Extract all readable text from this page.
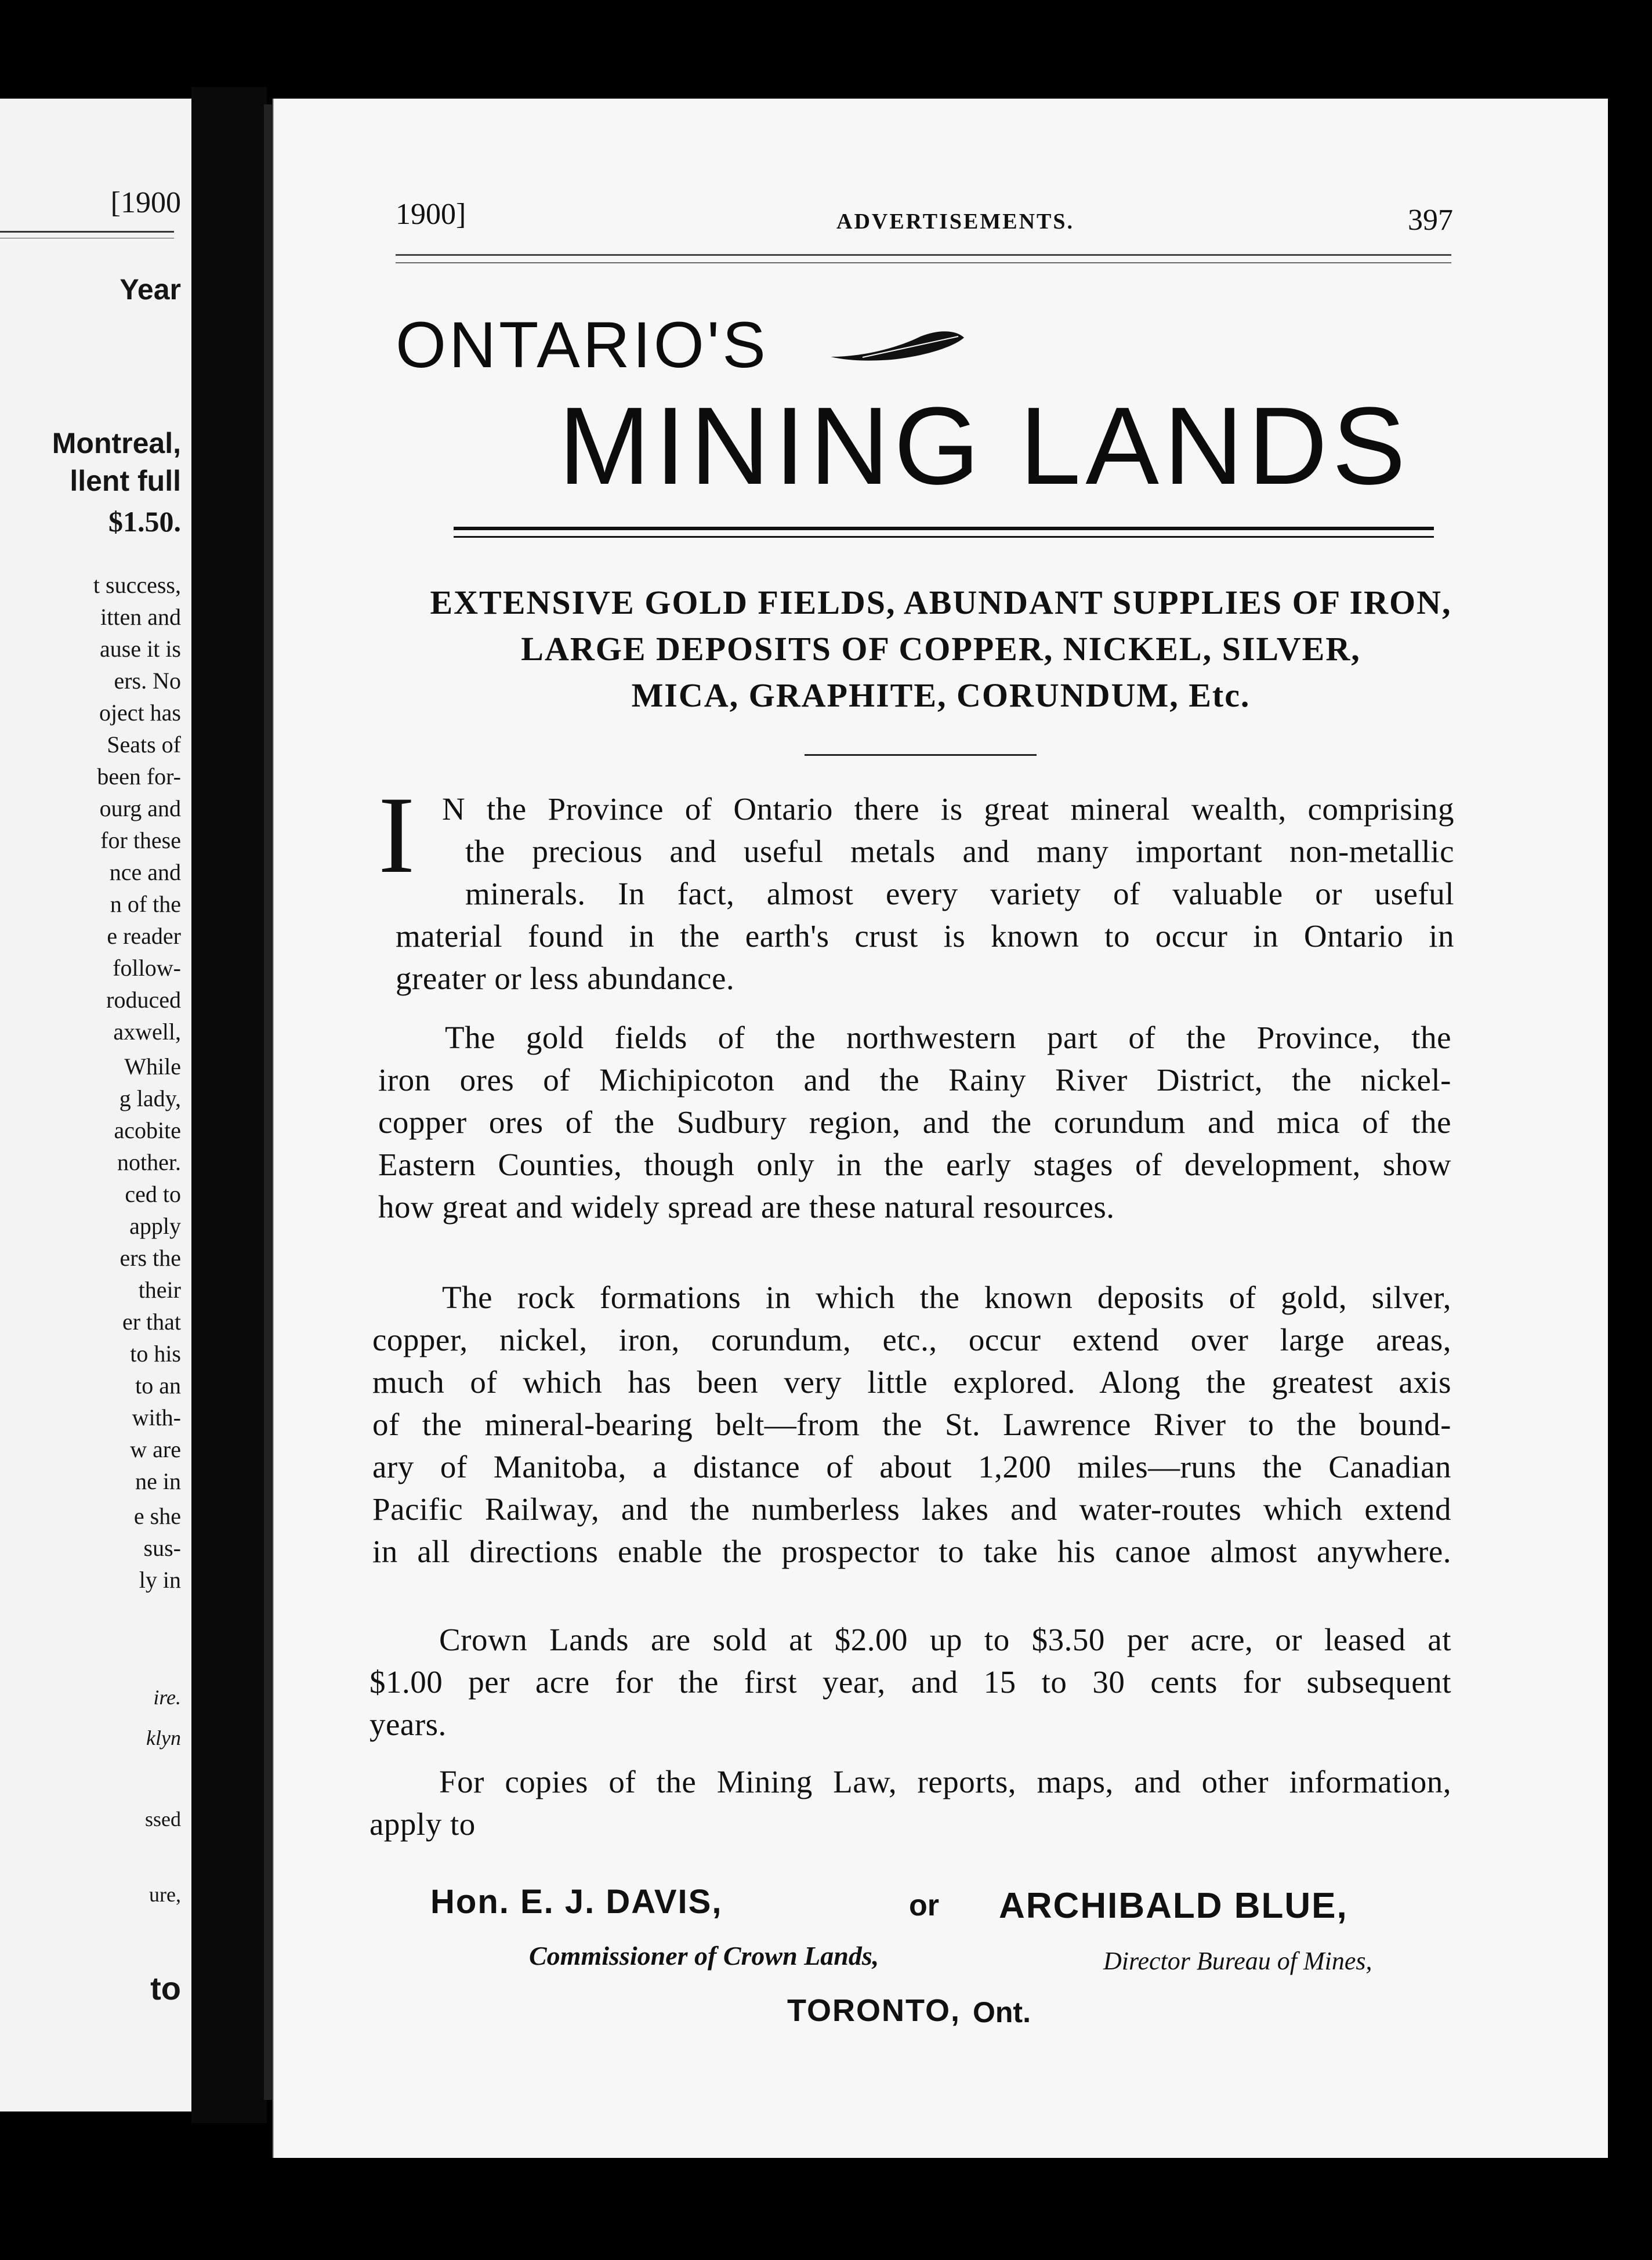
[1900
Year
Montreal,
llent full
$1.50.
t success,
itten and
ause it is
ers. No
oject has
Seats of
been for-
ourg and
for these
nce and
n of the
e reader
follow-
roduced
axwell,
While
g lady,
acobite
nother.
ced to
apply
ers the
their
er that
to his
to an
with-
w are
ne in
e she
sus-
ly in
ire.
klyn
ssed
ure,
to
1900]	ADVERTISEMENTS.	397
ONTARIO'S
MINING LANDS
EXTENSIVE GOLD FIELDS, ABUNDANT SUPPLIES OF IRON,
LARGE DEPOSITS OF COPPER, NICKEL, SILVER,
MICA, GRAPHITE, CORUNDUM, Etc.
I N the Province of Ontario there is great mineral wealth, comprising
the precious and useful metals and many important non-metallic
minerals. In fact, almost every variety of valuable or useful
material found in the earth's crust is known to occur in Ontario in
greater or less abundance.
The gold fields of the northwestern part of the Province, the
iron ores of Michipicoton and the Rainy River District, the nickel-
copper ores of the Sudbury region, and the corundum and mica of the
Eastern Counties, though only in the early stages of development, show
how great and widely spread are these natural resources.
The rock formations in which the known deposits of gold, silver,
copper, nickel, iron, corundum, etc., occur extend over large areas,
much of which has been very little explored. Along the greatest axis
of the mineral-bearing belt—from the St. Lawrence River to the bound-
ary of Manitoba, a distance of about 1,200 miles—runs the Canadian
Pacific Railway, and the numberless lakes and water-routes which extend
in all directions enable the prospector to take his canoe almost anywhere.
Crown Lands are sold at $2.00 up to $3.50 per acre, or leased at
$1.00 per acre for the first year, and 15 to 30 cents for subsequent
years.
For copies of the Mining Law, reports, maps, and other information,
apply to
Hon. E. J. DAVIS,	or ARCHIBALD BLUE,
Commissioner of Crown Lands,	Director Bureau of Mines,
TORONTO, Ont.
